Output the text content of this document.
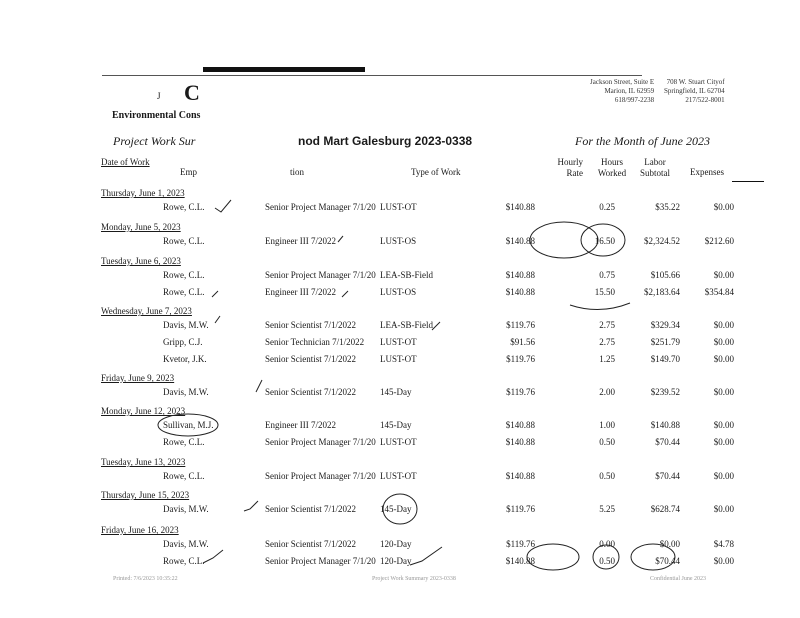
J C
Environmental Cons
Jackson Street, Suite E
Marion, IL 62959
618/997-2238
708 W. Stuart Cityof
Springfield, IL 62704
217/522-8001
Project Work Sur	nod Mart Galesburg 2023-0338	For the Month of June 2023
Date of Work
Emp	tion	Type of Work
Hourly
Rate
Hours
Worked
Labor
Subtotal	Expenses
Thursday, June 1, 2023
Rowe, C.L.	Senior Project Manager 7/1/20 LUST-OT	$140.88	0.25	$35.22	$0.00
Monday, June 5, 2023
Rowe, C.L.	Engineer III 7/2022	LUST-OS	$140.88	16.50	$2,324.52	$212.60
Tuesday, June 6, 2023
Rowe, C.L.	Senior Project Manager 7/1/20 LEA-SB-Field	$140.88	0.75	$105.66	$0.00
Rowe, C.L.	Engineer III 7/2022	LUST-OS	$140.88	15.50	$2,183.64	$354.84
Wednesday, June 7, 2023
Davis, M.W.	Senior Scientist 7/1/2022	LEA-SB-Field	$119.76	2.75	$329.34	$0.00
Gripp, C.J.	Senior Technician 7/1/2022 LUST-OT	$91.56	2.75	$251.79	$0.00
Kvetor, J.K.	Senior Scientist 7/1/2022	LUST-OT	$119.76	1.25	$149.70	$0.00
Friday, June 9, 2023
Davis, M.W.	Senior Scientist 7/1/2022	145-Day	$119.76	2.00	$239.52	$0.00
Monday, June 12, 2023
Sullivan, M.J.	Engineer III 7/2022	145-Day	$140.88	1.00	$140.88	$0.00
Rowe, C.L.	Senior Project Manager 7/1/20 LUST-OT	$140.88	0.50	$70.44	$0.00
Tuesday, June 13, 2023
Rowe, C.L.	Senior Project Manager 7/1/20 LUST-OT	$140.88	0.50	$70.44	$0.00
Thursday, June 15, 2023
Davis, M.W.	Senior Scientist 7/1/2022	145-Day	$119.76	5.25	$628.74	$0.00
Friday, June 16, 2023
Davis, M.W.	Senior Scientist 7/1/2022	120-Day	$119.76	0.00	$0.00	$4.78
Rowe, C.L.	Senior Project Manager 7/1/20 120-Day	$140.88	0.50	$70.44	$0.00
Printed: 7/6/2023 10:35:22	Project Work Summary 2023-0338	Confidential June 2023
